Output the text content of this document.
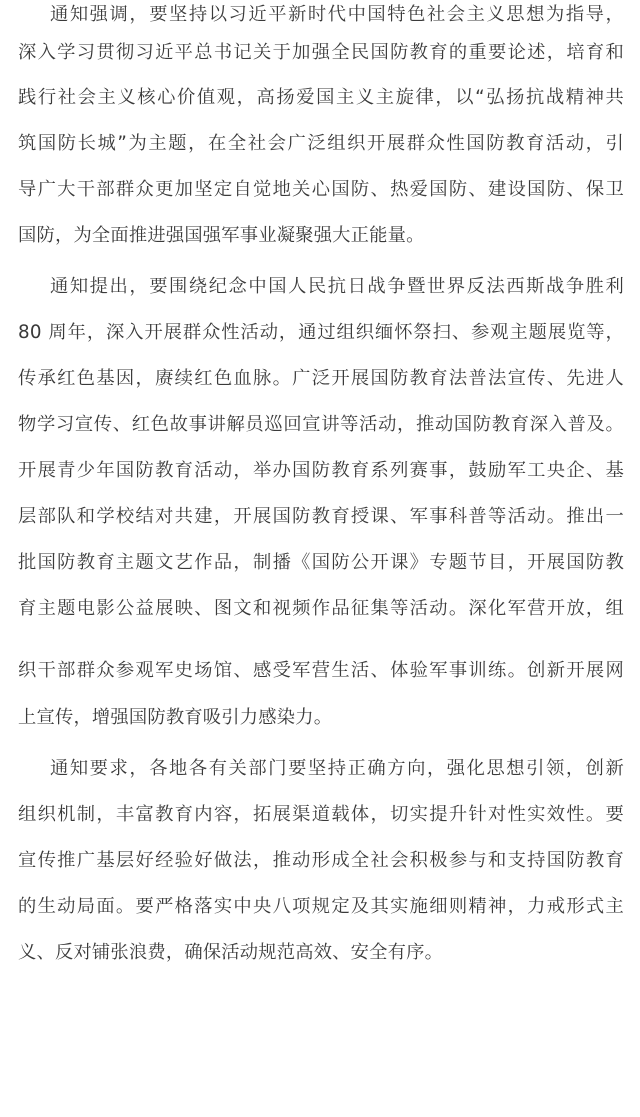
通知强调，要坚持以习近平新时代中国特色社会主义思想为指导，
深入学习贯彻习近平总书记关于加强全民国防教育的重要论述，培育和
践行社会主义核心价值观，高扬爱国主义主旋律，以“弘扬抗战精神共
筑国防长城”为主题，在全社会广泛组织开展群众性国防教育活动，引
导广大干部群众更加坚定自觉地关心国防、热爱国防、建设国防、保卫
国防，为全面推进强国强军事业凝聚强大正能量。
通知提出，要围绕纪念中国人民抗日战争暨世界反法西斯战争胜利
80 周年，深入开展群众性活动，通过组织缅怀祭扫、参观主题展览等，
传承红色基因，赓续红色血脉。广泛开展国防教育法普法宣传、先进人
物学习宣传、红色故事讲解员巡回宣讲等活动，推动国防教育深入普及。
开展青少年国防教育活动，举办国防教育系列赛事，鼓励军工央企、基
层部队和学校结对共建，开展国防教育授课、军事科普等活动。推出一
批国防教育主题文艺作品，制播《国防公开课》专题节目，开展国防教
育主题电影公益展映、图文和视频作品征集等活动。深化军营开放，组
织干部群众参观军史场馆、感受军营生活、体验军事训练。创新开展网
上宣传，增强国防教育吸引力感染力。
通知要求，各地各有关部门要坚持正确方向，强化思想引领，创新
组织机制，丰富教育内容，拓展渠道载体，切实提升针对性实效性。要
宣传推广基层好经验好做法，推动形成全社会积极参与和支持国防教育
的生动局面。要严格落实中央八项规定及其实施细则精神，力戒形式主
义、反对铺张浪费，确保活动规范高效、安全有序。
